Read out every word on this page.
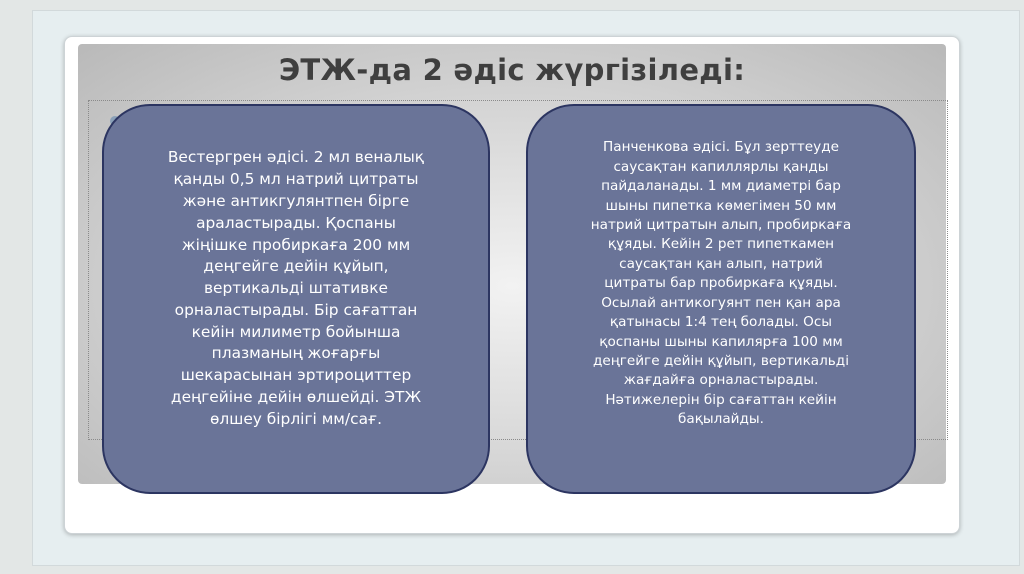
ЭТЖ-да 2 әдіс жүргізіледі:

Вестергрен әдісі. 2 мл веналық
қанды 0,5 мл натрий цитраты
және антикгулянтпен бірге
араластырады. Қоспаны
жіңішке пробиркаға 200 мм
деңгейге дейін құйып,
вертикальді штативке
орналастырады. Бір сағаттан
кейін милиметр бойынша
плазманың жоғарғы
шекарасынан эртироциттер
деңгейіне дейін өлшейді. ЭТЖ
өлшеу бірлігі мм/сағ.

Панченкова әдісі. Бұл зерттеуде
саусақтан капиллярлы қанды
пайдаланады. 1 мм диаметрі бар
шыны пипетка көмегімен 50 мм
натрий цитратын алып, пробиркаға
құяды. Кейін 2 рет пипеткамен
саусақтан қан алып, натрий
цитраты бар пробиркаға құяды.
Осылай антикогуянт пен қан ара
қатынасы 1:4 тең болады. Осы
қоспаны шыны капилярға 100 мм
деңгейге дейін құйып, вертикальді
жағдайға орналастырады.
Нәтижелерін бір сағаттан кейін
бақылайды.
